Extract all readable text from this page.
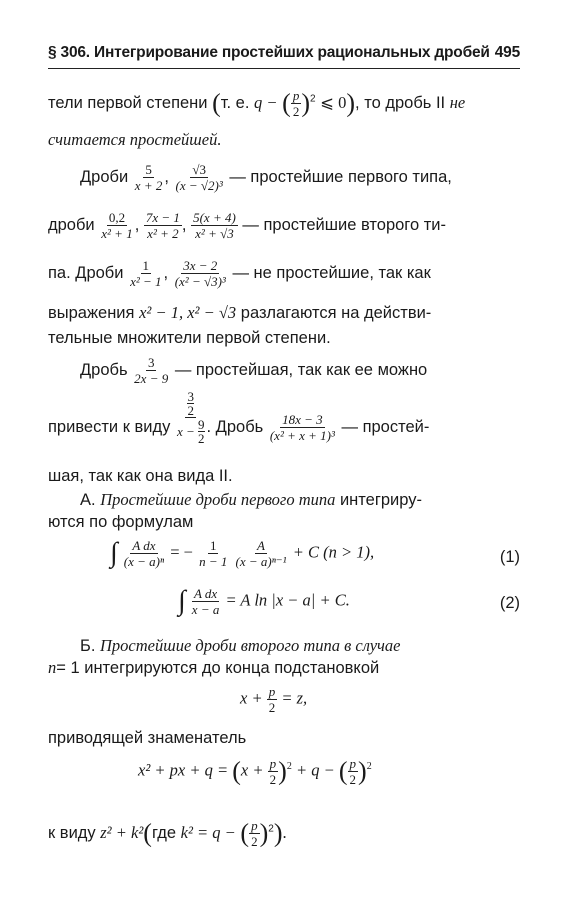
§ 306. Интегрирование простейших рациональных дробей 495
тели первой степени (т. е. q − ( $\frac{p}{2} )^2$ ⩽ 0), то дробь II не
считается простейшей.
Дроби $\frac{5}{x + 2}$ , $\frac{√3}{\text{(x − √2)³}}$ — простейшие первого типа,
дроби $\frac{0,2}{\text{x² + 1}}$ , $\frac{7x - 1}{\text{x² + 2}}$ , $\frac{5(x + 4)}{\text{x² + √3}}$ — простейшие второго ти-
па. Дроби $\frac{1}{\text{x² − 1}}$ , $\frac{3x - 2}{\text{(x² − √3)³}}$ — не простейшие, так как
выражения x² − 1, x² − √3 разлагаются на действи-
тельные множители первой степени.
Дробь $\frac{3}{2x - 9}$ — простейшая, так как ее можно
привести к виду 3
2
x −
$\frac{9}{2}$ . Дробь $\frac{18x - 3}{\text{(x² + x + 1)³}}$ — простей-
шая, так как она вида II.
А. Простейшие дроби первого типа интегриру-
ются по формулам
∫ $\frac{\text{A dx}}{\text{(x − a)ⁿ}}$ = − $\frac{1}{n - 1}$
$\frac{A}{\text{(x − a)ⁿ⁻¹}} + C$ (n > 1),	(1)
∫ $\frac{\text{A dx}}{x - a} = A$ ln |x − a| + C.	(2)
Б. Простейшие дроби второго типа в случае
n= 1 интегрируются до конца подстановкой
$x + \frac{p}{2} = z$,
приводящей знаменатель
x² + px + $q = (x + \frac{p}{2} )^2 + q$ − ( $\frac{p}{2} )^2$
к виду z² + k²(где k² = q − ( $\frac{p}{2} )^2$).
